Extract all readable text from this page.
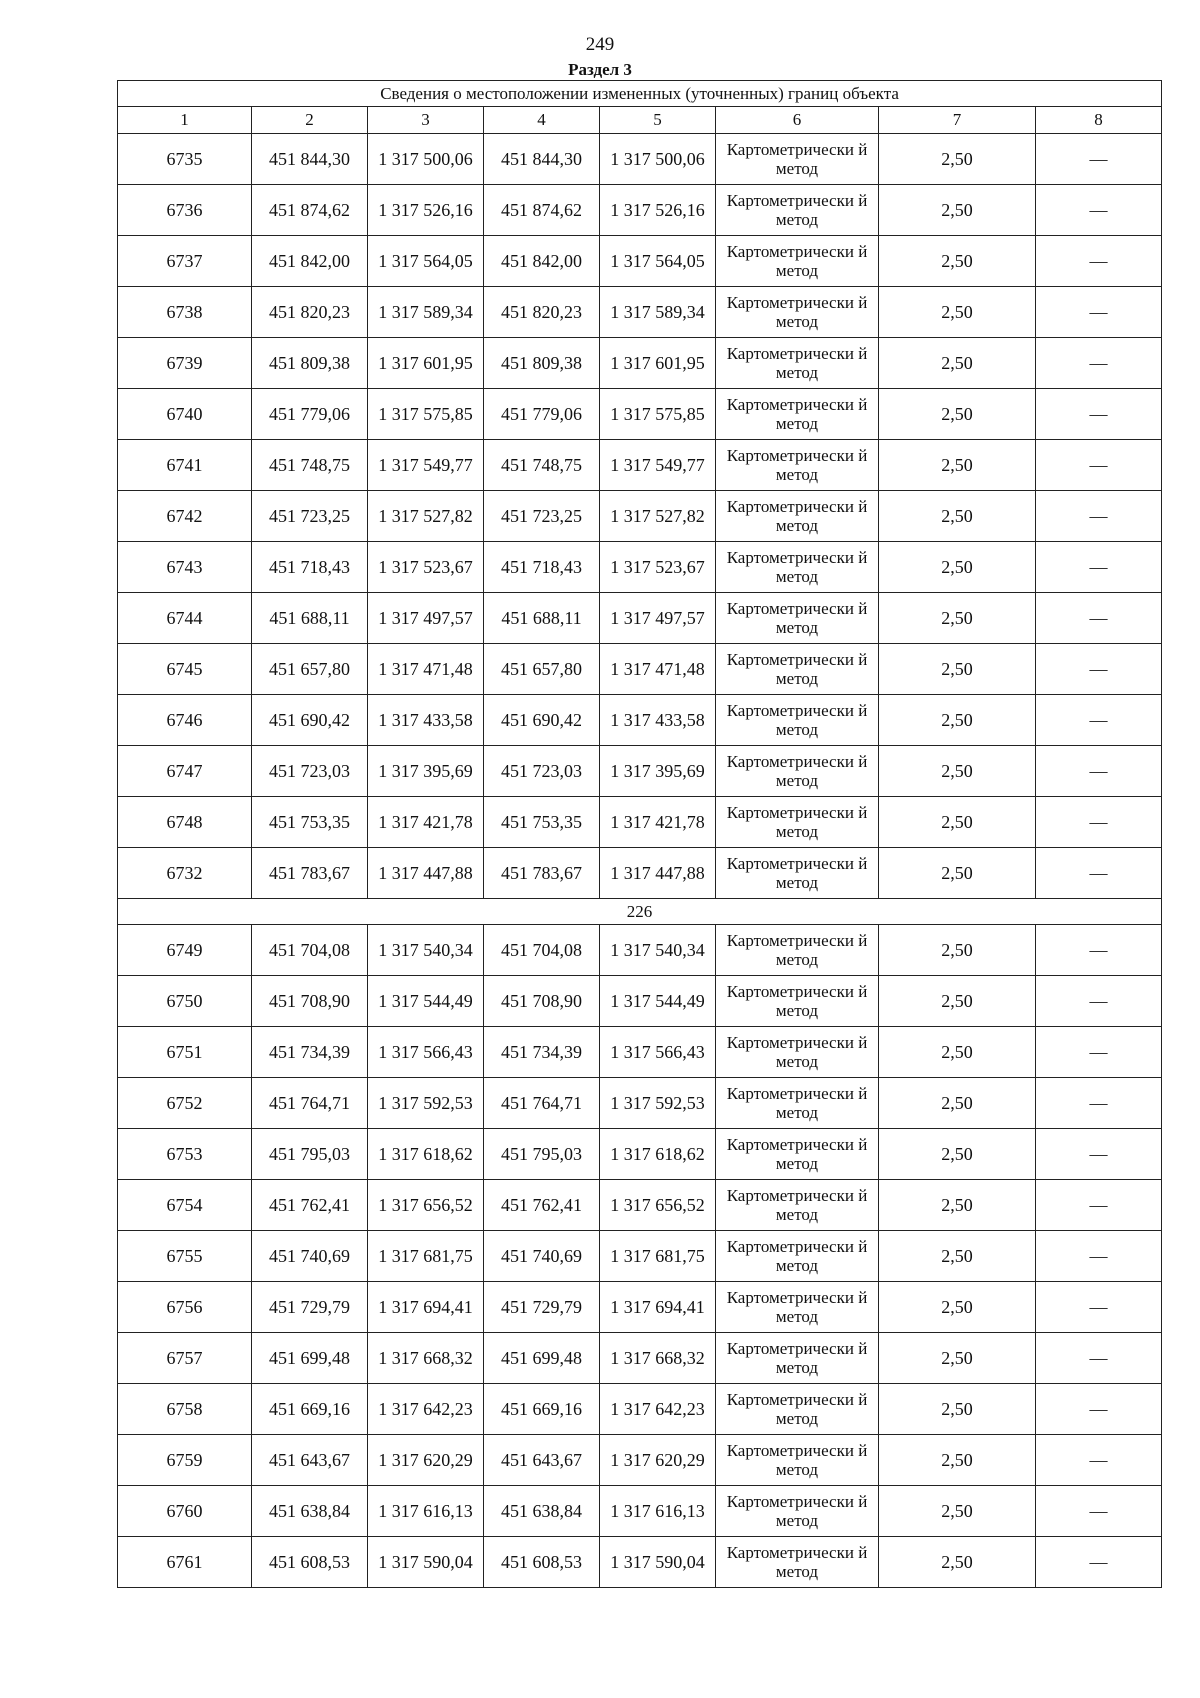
249
Раздел 3
Сведения о местоположении измененных (уточненных) границ объекта							
1	2	3	4	5	6	7	8
6735	451 844,30	1 317 500,06	451 844,30	1 317 500,06	Картометрически й метод	2,50	—
6736	451 874,62	1 317 526,16	451 874,62	1 317 526,16	Картометрически й метод	2,50	—
6737	451 842,00	1 317 564,05	451 842,00	1 317 564,05	Картометрически й метод	2,50	—
6738	451 820,23	1 317 589,34	451 820,23	1 317 589,34	Картометрически й метод	2,50	—
6739	451 809,38	1 317 601,95	451 809,38	1 317 601,95	Картометрически й метод	2,50	—
6740	451 779,06	1 317 575,85	451 779,06	1 317 575,85	Картометрически й метод	2,50	—
6741	451 748,75	1 317 549,77	451 748,75	1 317 549,77	Картометрически й метод	2,50	—
6742	451 723,25	1 317 527,82	451 723,25	1 317 527,82	Картометрически й метод	2,50	—
6743	451 718,43	1 317 523,67	451 718,43	1 317 523,67	Картометрически й метод	2,50	—
6744	451 688,11	1 317 497,57	451 688,11	1 317 497,57	Картометрически й метод	2,50	—
6745	451 657,80	1 317 471,48	451 657,80	1 317 471,48	Картометрически й метод	2,50	—
6746	451 690,42	1 317 433,58	451 690,42	1 317 433,58	Картометрически й метод	2,50	—
6747	451 723,03	1 317 395,69	451 723,03	1 317 395,69	Картометрически й метод	2,50	—
6748	451 753,35	1 317 421,78	451 753,35	1 317 421,78	Картометрически й метод	2,50	—
6732	451 783,67	1 317 447,88	451 783,67	1 317 447,88	Картометрически й метод	2,50	—
226							
6749	451 704,08	1 317 540,34	451 704,08	1 317 540,34	Картометрически й метод	2,50	—
6750	451 708,90	1 317 544,49	451 708,90	1 317 544,49	Картометрически й метод	2,50	—
6751	451 734,39	1 317 566,43	451 734,39	1 317 566,43	Картометрически й метод	2,50	—
6752	451 764,71	1 317 592,53	451 764,71	1 317 592,53	Картометрически й метод	2,50	—
6753	451 795,03	1 317 618,62	451 795,03	1 317 618,62	Картометрически й метод	2,50	—
6754	451 762,41	1 317 656,52	451 762,41	1 317 656,52	Картометрически й метод	2,50	—
6755	451 740,69	1 317 681,75	451 740,69	1 317 681,75	Картометрически й метод	2,50	—
6756	451 729,79	1 317 694,41	451 729,79	1 317 694,41	Картометрически й метод	2,50	—
6757	451 699,48	1 317 668,32	451 699,48	1 317 668,32	Картометрически й метод	2,50	—
6758	451 669,16	1 317 642,23	451 669,16	1 317 642,23	Картометрически й метод	2,50	—
6759	451 643,67	1 317 620,29	451 643,67	1 317 620,29	Картометрически й метод	2,50	—
6760	451 638,84	1 317 616,13	451 638,84	1 317 616,13	Картометрически й метод	2,50	—
6761	451 608,53	1 317 590,04	451 608,53	1 317 590,04	Картометрически й метод	2,50	—
